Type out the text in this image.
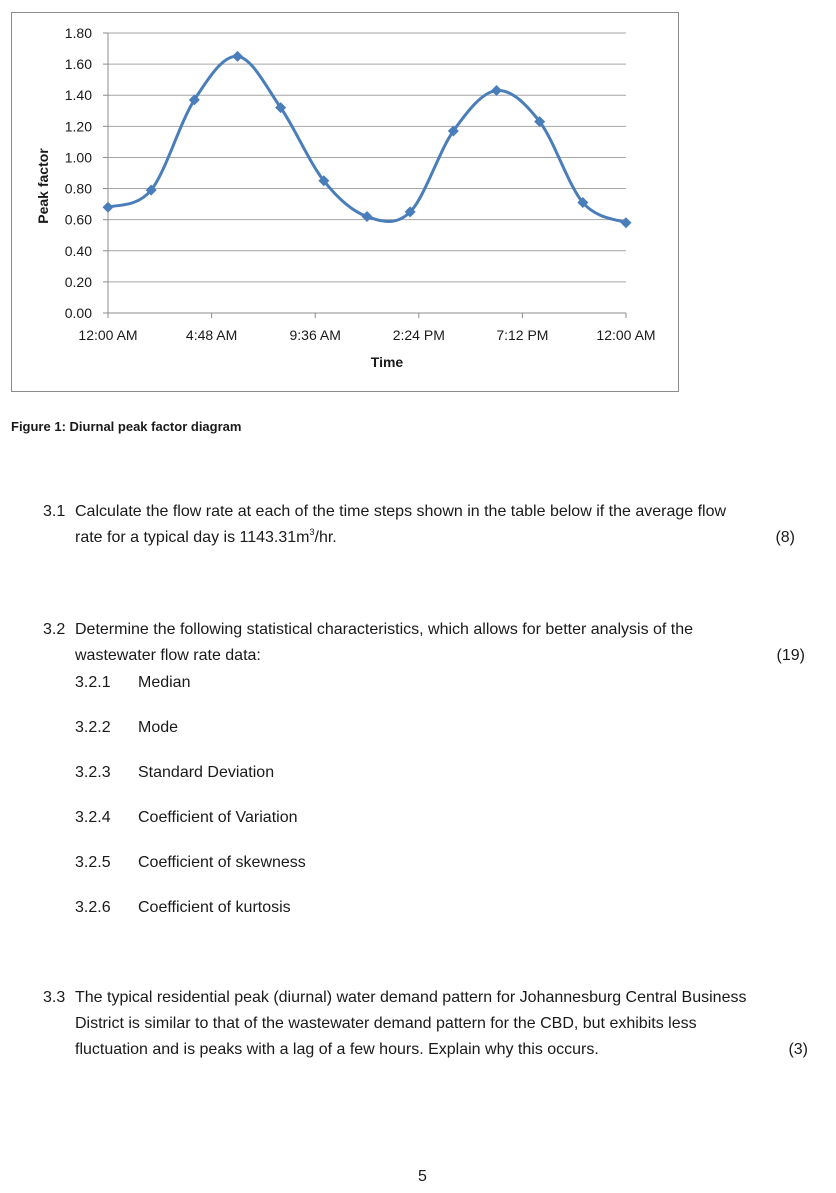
1.80
1.60
1.40
1.20
1.00
0.80
0.60
0.40
0.20
0.00
12:00 AM	4:48 AM	9:36 AM	2:24 PM	7:12 PM	12:00 AM
Time
Peak factor
Figure 1: Diurnal peak factor diagram
3.1 Calculate the flow rate at each of the time steps shown in the table below if the average flow
rate for a typical day is $1143.31m^3/hr$.	(8)
3.2 Determine the following statistical characteristics, which allows for better analysis of the
wastewater flow rate data:	(19)
3.2.1 Median
3.2.2 Mode
3.2.3 Standard Deviation
3.2.4 Coefficient of Variation
3.2.5 Coefficient of skewness
3.2.6 Coefficient of kurtosis
3.3 The typical residential peak (diurnal) water demand pattern for Johannesburg Central Business
District is similar to that of the wastewater demand pattern for the CBD, but exhibits less
fluctuation and is peaks with a lag of a few hours. Explain why this occurs.	(3)
5
